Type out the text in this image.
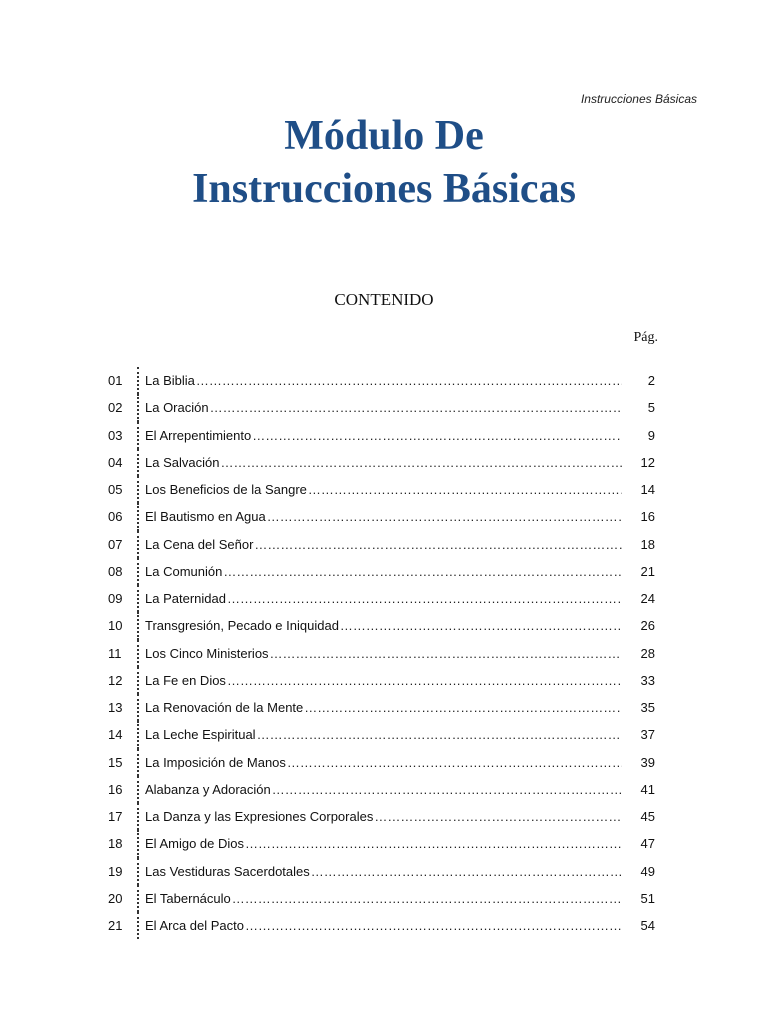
Instrucciones Básicas
Módulo De
Instrucciones Básicas
CONTENIDO
Pág.
01	La Biblia ……………………………………………………………………………………………………………………………………………………………………	2
02	La Oración ……………………………………………………………………………………………………………………………………………………………………	5
03	El Arrepentimiento ……………………………………………………………………………………………………………………………………………………………………	9
04	La Salvación ……………………………………………………………………………………………………………………………………………………………………	12
05	Los Beneficios de la Sangre ……………………………………………………………………………………………………………………………………………………………………	14
06	El Bautismo en Agua ……………………………………………………………………………………………………………………………………………………………………	16
07	La Cena del Señor ……………………………………………………………………………………………………………………………………………………………………	18
08	La Comunión ……………………………………………………………………………………………………………………………………………………………………	21
09	La Paternidad ……………………………………………………………………………………………………………………………………………………………………	24
10	Transgresión, Pecado e Iniquidad ……………………………………………………………………………………………………………………………………………………………………	26
11	Los Cinco Ministerios ……………………………………………………………………………………………………………………………………………………………………	28
12	La Fe en Dios ……………………………………………………………………………………………………………………………………………………………………	33
13	La Renovación de la Mente ……………………………………………………………………………………………………………………………………………………………………	35
14	La Leche Espiritual ……………………………………………………………………………………………………………………………………………………………………	37
15	La Imposición de Manos ……………………………………………………………………………………………………………………………………………………………………	39
16	Alabanza y Adoración ……………………………………………………………………………………………………………………………………………………………………	41
17	La Danza y las Expresiones Corporales ……………………………………………………………………………………………………………………………………………………………………	45
18	El Amigo de Dios ……………………………………………………………………………………………………………………………………………………………………	47
19	Las Vestiduras Sacerdotales ……………………………………………………………………………………………………………………………………………………………………	49
20	El Tabernáculo ……………………………………………………………………………………………………………………………………………………………………	51
21	El Arca del Pacto ……………………………………………………………………………………………………………………………………………………………………	54
